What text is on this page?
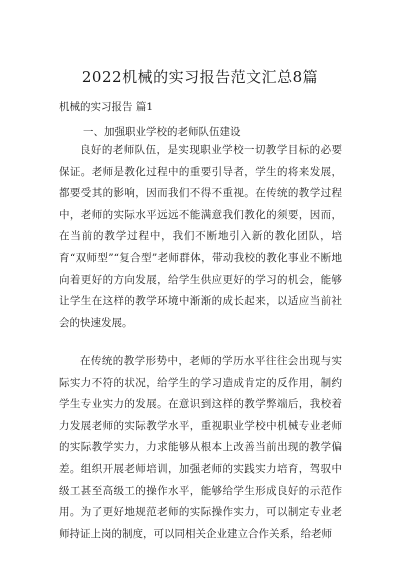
2022机械的实习报告范文汇总8篇
机械的实习报告 篇1
一、加强职业学校的老师队伍建设

良好的老师队伍，是实现职业学校一切教学目标的必要保证。老师是教化过程中的重要引导者，学生的将来发展，都要受其的影响，因而我们不得不重视。在传统的教学过程中，老师的实际水平远远不能满意我们教化的须要，因而，在当前的教学过程中，我们不断地引入新的教化团队，培育“双师型”“复合型”老师群体，带动我校的教化事业不断地向着更好的方向发展，给学生供应更好的学习的机会，能够让学生在这样的教学环境中渐渐的成长起来，以适应当前社会的快速发展。

在传统的教学形势中，老师的学历水平往往会出现与实际实力不符的状况，给学生的学习造成肯定的反作用，制约学生专业实力的发展。在意识到这样的教学弊端后，我校着力发展老师的实际教学水平，重视职业学校中机械专业老师的实际教学实力，力求能够从根本上改善当前出现的教学偏差。组织开展老师培训，加强老师的实践实力培育，驾驭中级工甚至高级工的操作水平，能够给学生形成良好的示范作用。为了更好地规范老师的实际操作实力，可以制定专业老师持证上岗的制度，可以同相关企业建立合作关系，给老师
